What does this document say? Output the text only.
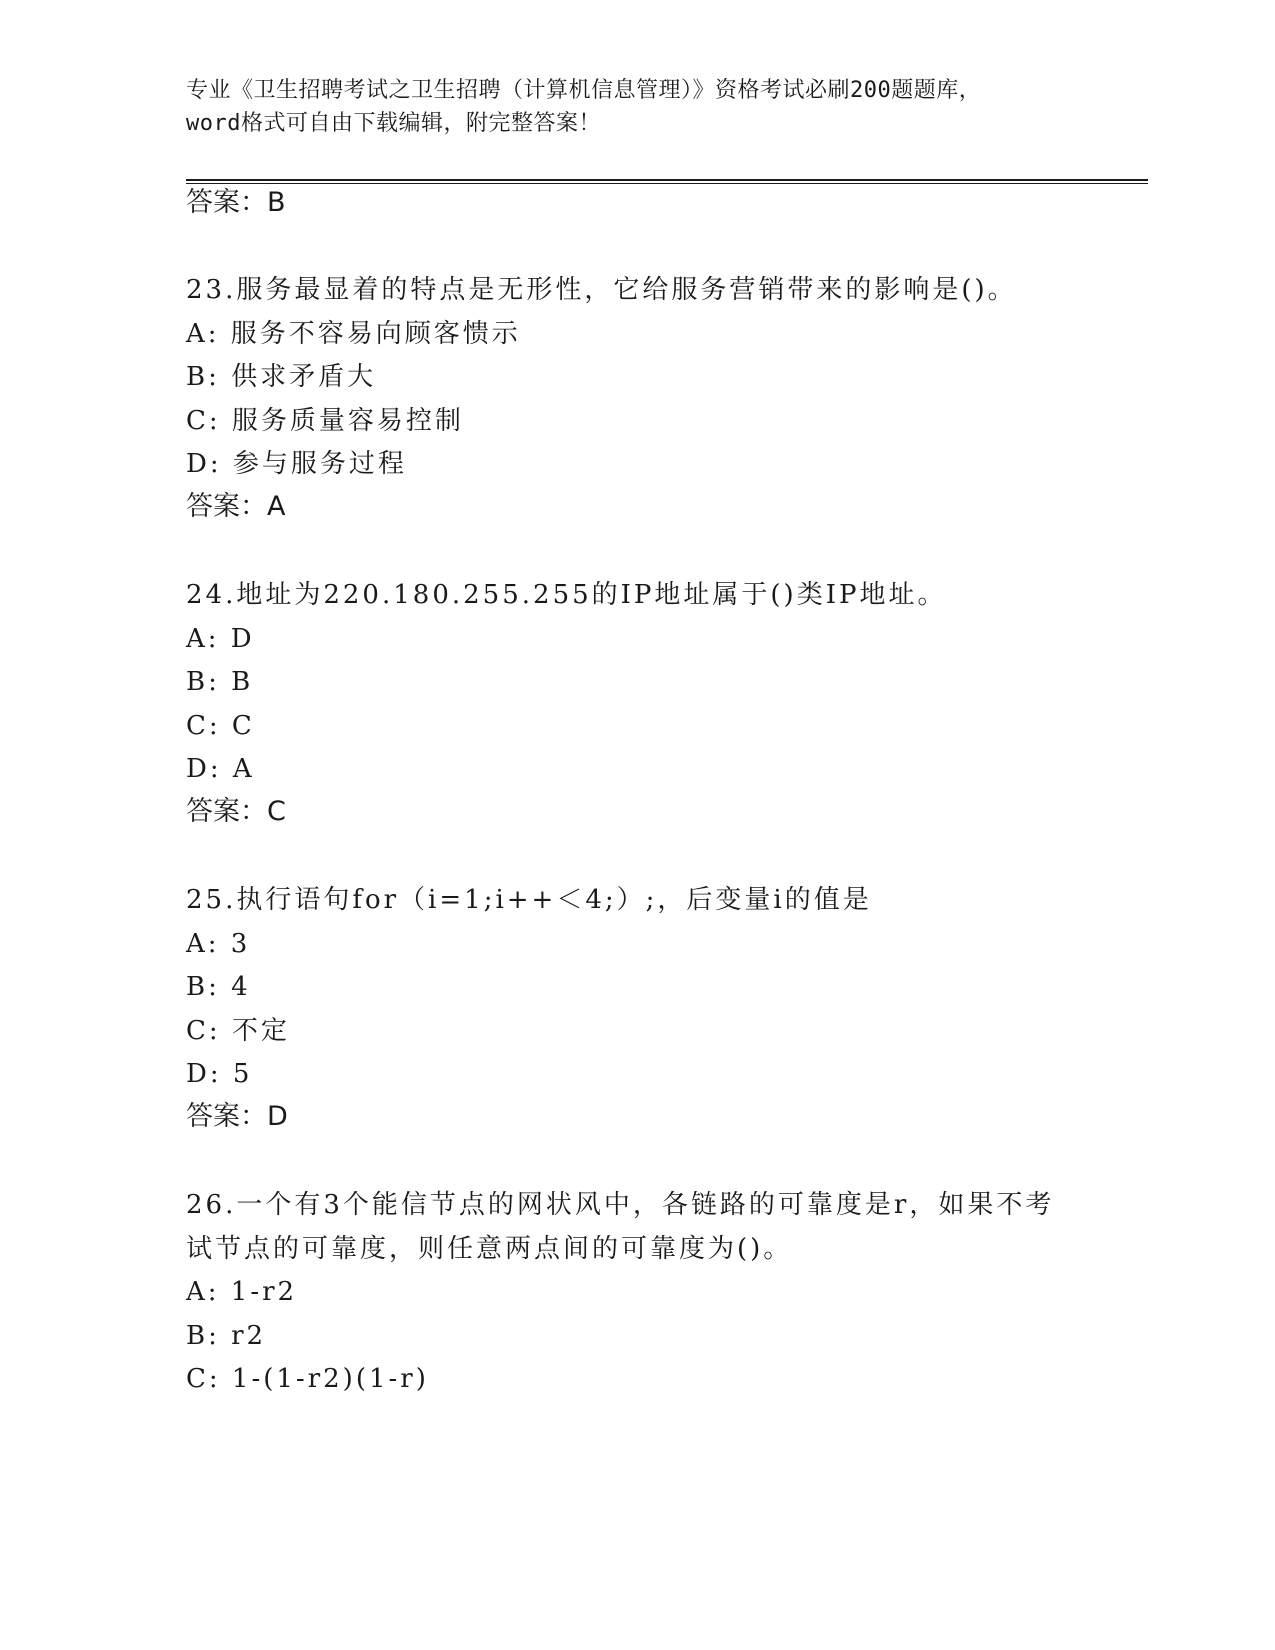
专业《卫生招聘考试之卫生招聘（计算机信息管理）》资格考试必刷200题题库，
word格式可自由下载编辑，附完整答案！
答案：B
23.服务最显着的特点是无形性，它给服务营销带来的影响是()。
A: 服务不容易向顾客愦示
B: 供求矛盾大
C: 服务质量容易控制
D: 参与服务过程
答案：A
24.地址为220.180.255.255的IP地址属于()类IP地址。
A: D
B: B
C: C
D: A
答案：C
25.执行语句for（i=1;i++＜4;）;，后变量i的值是
A: 3
B: 4
C: 不定
D: 5
答案：D
26.一个有3个能信节点的网状风中，各链路的可靠度是r，如果不考
试节点的可靠度，则任意两点间的可靠度为()。
A: 1-r2
B: r2
C: 1-(1-r2)(1-r)
